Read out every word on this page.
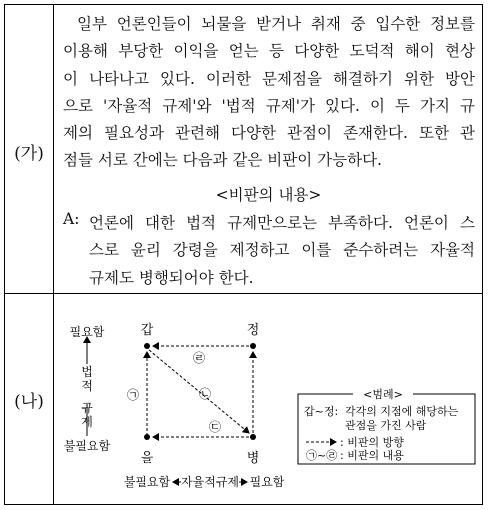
(가)
일부 언론인들이 뇌물을 받거나 취재 중 입수한 정보를
이용해 부당한 이익을 얻는 등 다양한 도덕적 해이 현상
이 나타나고 있다. 이러한 문제점을 해결하기 위한 방안
으로 '자율적 규제'와 '법적 규제'가 있다. 이 두 가지 규
제의 필요성과 관련해 다양한 관점이 존재한다. 또한 관
점들 서로 간에는 다음과 같은 비판이 가능하다.
<비판의 내용>
A: 언론에 대한 법적 규제만으로는 부족하다. 언론이 스
스로 윤리 강령을 제정하고 이를 준수하려는 자율적
규제도 병행되어야 한다.
(나)
필요함
법
적
규
제
불필요함
갑	정
을	병
㉠
㉣
㉡
㉢
불필요함 자율적규제 필요함
<범례>
갑~정: 각각의 지점에 해당하는
관점을 가진 사람
: 비판의 방향
㉠~㉣ : 비판의 내용
